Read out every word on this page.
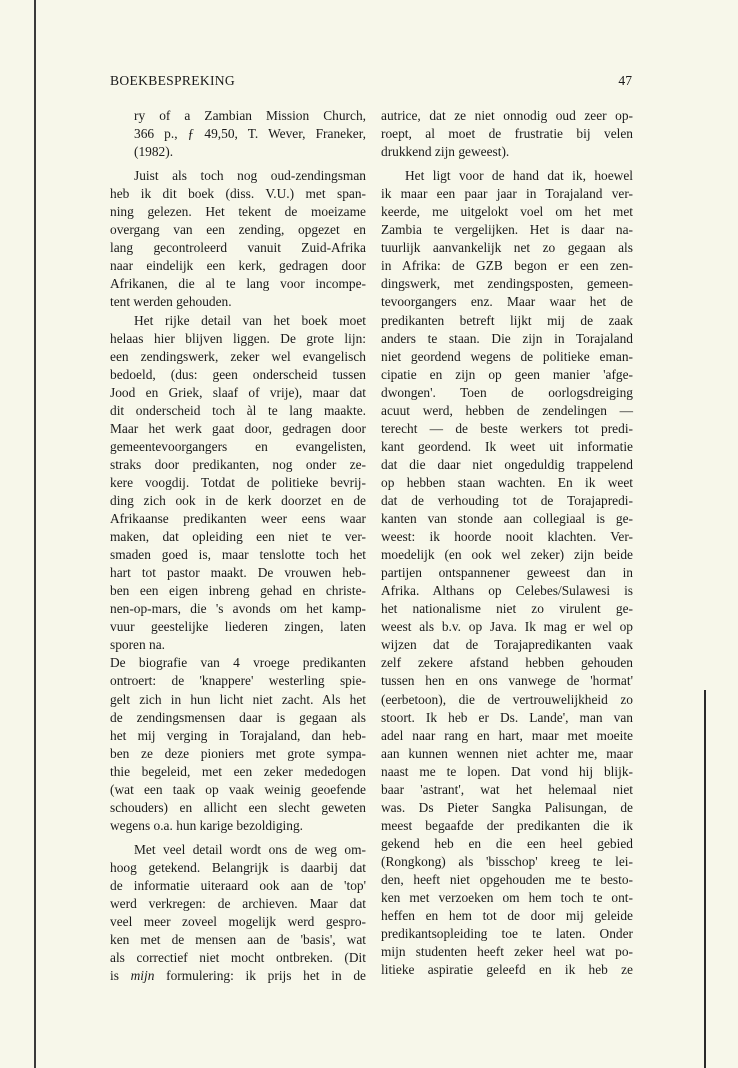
BOEKBESPREKING	47
ry of a Zambian Mission Church,
366 p., ƒ 49,50, T. Wever, Franeker,
(1982).
Juist als toch nog oud-zendingsman
heb ik dit boek (diss. V.U.) met span-
ning gelezen. Het tekent de moeizame
overgang van een zending, opgezet en
lang gecontroleerd vanuit Zuid-Afrika
naar eindelijk een kerk, gedragen door
Afrikanen, die al te lang voor incompe-
tent werden gehouden.
Het rijke detail van het boek moet
helaas hier blijven liggen. De grote lijn:
een zendingswerk, zeker wel evangelisch
bedoeld, (dus: geen onderscheid tussen
Jood en Griek, slaaf of vrije), maar dat
dit onderscheid toch àl te lang maakte.
Maar het werk gaat door, gedragen door
gemeentevoorgangers en evangelisten,
straks door predikanten, nog onder ze-
kere voogdij. Totdat de politieke bevrij-
ding zich ook in de kerk doorzet en de
Afrikaanse predikanten weer eens waar
maken, dat opleiding een niet te ver-
smaden goed is, maar tenslotte toch het
hart tot pastor maakt. De vrouwen heb-
ben een eigen inbreng gehad en christe-
nen-op-mars, die 's avonds om het kamp-
vuur geestelijke liederen zingen, laten
sporen na.
De biografie van 4 vroege predikanten
ontroert: de 'knappere' westerling spie-
gelt zich in hun licht niet zacht. Als het
de zendingsmensen daar is gegaan als
het mij verging in Torajaland, dan heb-
ben ze deze pioniers met grote sympa-
thie begeleid, met een zeker mededogen
(wat een taak op vaak weinig geoefende
schouders) en allicht een slecht geweten
wegens o.a. hun karige bezoldiging.
Met veel detail wordt ons de weg om-
hoog getekend. Belangrijk is daarbij dat
de informatie uiteraard ook aan de 'top'
werd verkregen: de archieven. Maar dat
veel meer zoveel mogelijk werd gespro-
ken met de mensen aan de 'basis', wat
als correctief niet mocht ontbreken. (Dit
is mijn formulering: ik prijs het in de
autrice, dat ze niet onnodig oud zeer op-
roept, al moet de frustratie bij velen
drukkend zijn geweest).
Het ligt voor de hand dat ik, hoewel
ik maar een paar jaar in Torajaland ver-
keerde, me uitgelokt voel om het met
Zambia te vergelijken. Het is daar na-
tuurlijk aanvankelijk net zo gegaan als
in Afrika: de GZB begon er een zen-
dingswerk, met zendingsposten, gemeen-
tevoorgangers enz. Maar waar het de
predikanten betreft lijkt mij de zaak
anders te staan. Die zijn in Torajaland
niet geordend wegens de politieke eman-
cipatie en zijn op geen manier 'afge-
dwongen'. Toen de oorlogsdreiging
acuut werd, hebben de zendelingen —
terecht — de beste werkers tot predi-
kant geordend. Ik weet uit informatie
dat die daar niet ongeduldig trappelend
op hebben staan wachten. En ik weet
dat de verhouding tot de Torajapredi-
kanten van stonde aan collegiaal is ge-
weest: ik hoorde nooit klachten. Ver-
moedelijk (en ook wel zeker) zijn beide
partijen ontspannener geweest dan in
Afrika. Althans op Celebes/Sulawesi is
het nationalisme niet zo virulent ge-
weest als b.v. op Java. Ik mag er wel op
wijzen dat de Torajapredikanten vaak
zelf zekere afstand hebben gehouden
tussen hen en ons vanwege de 'hormat'
(eerbetoon), die de vertrouwelijkheid zo
stoort. Ik heb er Ds. Lande', man van
adel naar rang en hart, maar met moeite
aan kunnen wennen niet achter me, maar
naast me te lopen. Dat vond hij blijk-
baar 'astrant', wat het helemaal niet
was. Ds Pieter Sangka Palisungan, de
meest begaafde der predikanten die ik
gekend heb en die een heel gebied
(Rongkong) als 'bisschop' kreeg te lei-
den, heeft niet opgehouden me te besto-
ken met verzoeken om hem toch te ont-
heffen en hem tot de door mij geleide
predikantsopleiding toe te laten. Onder
mijn studenten heeft zeker heel wat po-
litieke aspiratie geleefd en ik heb ze
